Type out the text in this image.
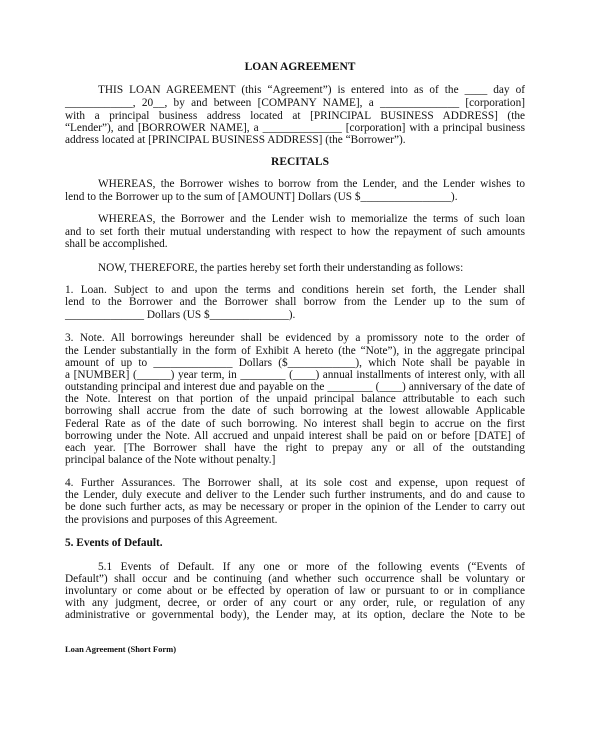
LOAN AGREEMENT
THIS LOAN AGREEMENT (this “Agreement”) is entered into as of the ____ day of
____________, 20__, by and between [COMPANY NAME], a ______________ [corporation]
with a principal business address located at [PRINCIPAL BUSINESS ADDRESS] (the
“Lender”), and [BORROWER NAME], a ______________ [corporation] with a principal business
address located at [PRINCIPAL BUSINESS ADDRESS] (the “Borrower”).
RECITALS
WHEREAS, the Borrower wishes to borrow from the Lender, and the Lender wishes to
lend to the Borrower up to the sum of [AMOUNT] Dollars (US $________________).
WHEREAS, the Borrower and the Lender wish to memorialize the terms of such loan
and to set forth their mutual understanding with respect to how the repayment of such amounts
shall be accomplished.
NOW, THEREFORE, the parties hereby set forth their understanding as follows:
1. Loan. Subject to and upon the terms and conditions herein set forth, the Lender shall
lend to the Borrower and the Borrower shall borrow from the Lender up to the sum of
______________ Dollars (US $______________).
3. Note. All borrowings hereunder shall be evidenced by a promissory note to the order of
the Lender substantially in the form of Exhibit A hereto (the “Note”), in the aggregate principal
amount of up to ______________ Dollars ($____________), which Note shall be payable in
a [NUMBER] (______) year term, in ________ (____) annual installments of interest only, with all
outstanding principal and interest due and payable on the ________ (____) anniversary of the date of
the Note. Interest on that portion of the unpaid principal balance attributable to each such
borrowing shall accrue from the date of such borrowing at the lowest allowable Applicable
Federal Rate as of the date of such borrowing. No interest shall begin to accrue on the first
borrowing under the Note. All accrued and unpaid interest shall be paid on or before [DATE] of
each year. [The Borrower shall have the right to prepay any or all of the outstanding
principal balance of the Note without penalty.]
4. Further Assurances. The Borrower shall, at its sole cost and expense, upon request of
the Lender, duly execute and deliver to the Lender such further instruments, and do and cause to
be done such further acts, as may be necessary or proper in the opinion of the Lender to carry out
the provisions and purposes of this Agreement.
5. Events of Default.
5.1 Events of Default. If any one or more of the following events (“Events of
Default”) shall occur and be continuing (and whether such occurrence shall be voluntary or
involuntary or come about or be effected by operation of law or pursuant to or in compliance
with any judgment, decree, or order of any court or any order, rule, or regulation of any
administrative or governmental body), the Lender may, at its option, declare the Note to be
Loan Agreement (Short Form)
